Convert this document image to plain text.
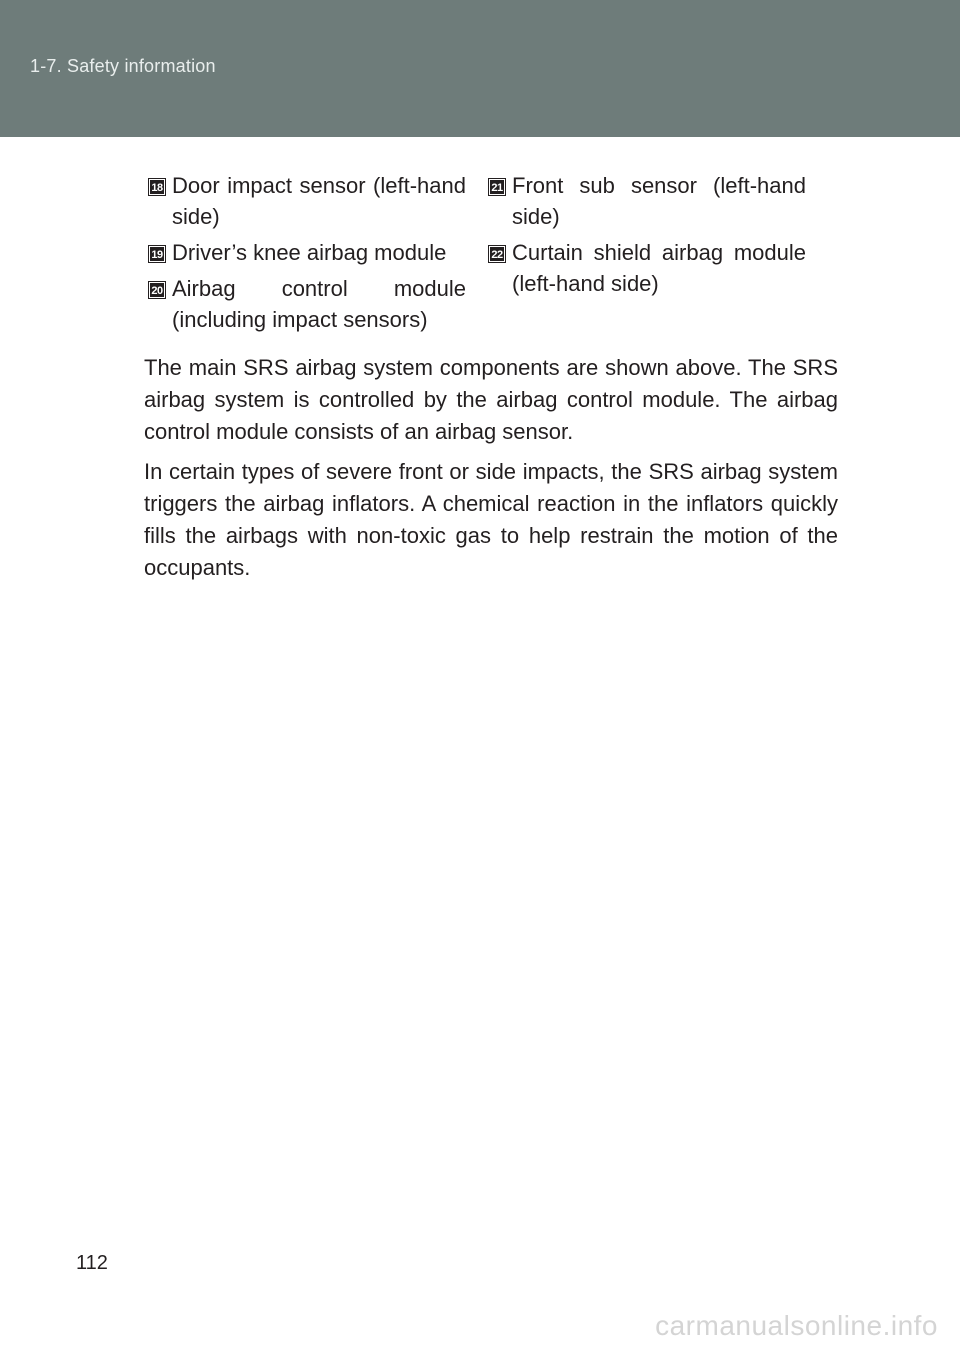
1-7. Safety information
18 Door impact sensor (left-hand side)
19 Driver’s knee airbag module
20 Airbag control module (including impact sensors)
21 Front sub sensor (left-hand side)
22 Curtain shield airbag module (left-hand side)

The main SRS airbag system components are shown above. The SRS airbag system is controlled by the airbag control module. The airbag control module consists of an airbag sensor.

In certain types of severe front or side impacts, the SRS airbag system triggers the airbag inflators. A chemical reaction in the inflators quickly fills the airbags with non-toxic gas to help restrain the motion of the occupants.

112
carmanualsonline.info
